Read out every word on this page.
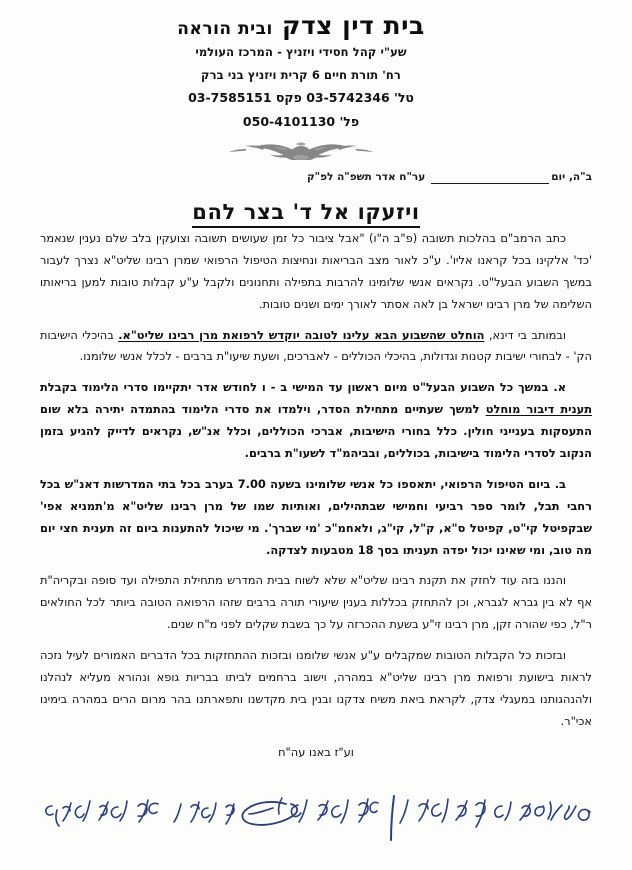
בית דין צדק ובית הוראה
שע"י קהל חסידי ויזניץ - המרכז העולמי
רח' תורת חיים 6 קרית ויזניץ בני ברק
טל' 03-5742346 פקס 03-7585151
פל' 050-4101130
ב"ה, יום
ער"ח אדר תשפ"ה לפ"ק
ויזעקו אל ד' בצר להם

כתב הרמב"ם בהלכות תשובה (פ"ב ה"ו) "אבל ציבור כל זמן שעושים תשובה וצועקין בלב שלם נענין שנאמר 'כד' אלקינו בכל קראנו אליו'. ע"כ לאור מצב הבריאות ונחיצות הטיפול הרפואי שמרן רבינו שליט"א נצרך לעבור במשך השבוע הבעל"ט. נקראים אנשי שלומינו להרבות בתפילה ותחנונים ולקבל ע"ע קבלות טובות למען בריאותו השלימה של מרן רבינו ישראל בן לאה אסתר לאורך ימים ושנים טובות.

ובמותב בי דינא, הוחלט שהשבוע הבא עלינו לטובה יוקדש לרפואת מרן רבינו שליט"א. בהיכלי הישיבות הק' - לבחורי ישיבות קטנות וגדולות, בהיכלי הכוללים - לאברכים, ושעת שיעו"ת ברבים - לכלל אנשי שלומנו.

א. במשך כל השבוע הבעל"ט מיום ראשון עד המישי ב - ו לחודש אדר יתקיימו סדרי הלימוד בקבלת תענית דיבור מוחלט למשך שעתיים מתחילת הסדר, וילמדו את סדרי הלימוד בהתמדה יתירה בלא שום התעסקות בענייני חולין. כלל בחורי הישיבות, אברכי הכוללים, וכלל אנ"ש, נקראים לדייק להגיע בזמן הנקוב לסדרי הלימוד בישיבות, בכוללים, ובביהמ"ד לשעו"ת ברבים.

ב. ביום הטיפול הרפואי, יתאספו כל אנשי שלומינו בשעה 7.00 בערב בכל בתי המדרשות דאנ"ש בכל רחבי תבל, לומר ספר רביעי וחמישי שבתהילים, ואותיות שמו של מרן רבינו שליט"א מ'תמניא אפי' שבקפיטל קי"ט, קפיטל ס"א, ק"ל, קי"ג, ולאחמ"כ 'מי שברך'. מי שיכול להתענות ביום זה תענית חצי יום מה טוב, ומי שאינו יכול יפדה תעניתו בסך 18 מטבעות לצדקה.

והננו בזה עוד לחזק את תקנת רבינו שליט"א שלא לשוח בבית המדרש מתחילת התפילה ועד סופה ובקריה"ת אף לא בין גברא לגברא, וכן להתחזק בכללות בענין שיעורי תורה ברבים שזהו הרפואה הטובה ביותר לכל החולאים ר"ל, כפי שהורה זקן, מרן רבינו זי"ע בשעת ההכרזה על כך בשבת שקלים לפני מ"ח שנים.

ובזכות כל הקבלות הטובות שמקבלים ע"ע אנשי שלומנו ובזכות ההתחזקות בכל הדברים האמורים לעיל נזכה לראות בישועת ורפואת מרן רבינו שליט"א במהרה, וישוב ברחמים לביתו בבריות גופא ונהורא מעליא לנהלנו ולהנהגותנו במעגלי צדק, לקראת ביאת משיח צדקנו ובנין בית מקדשנו ותפארתנו בהר מרום הרים במהרה בימינו אכי"ר.

וע"ז באנו עה"ח
